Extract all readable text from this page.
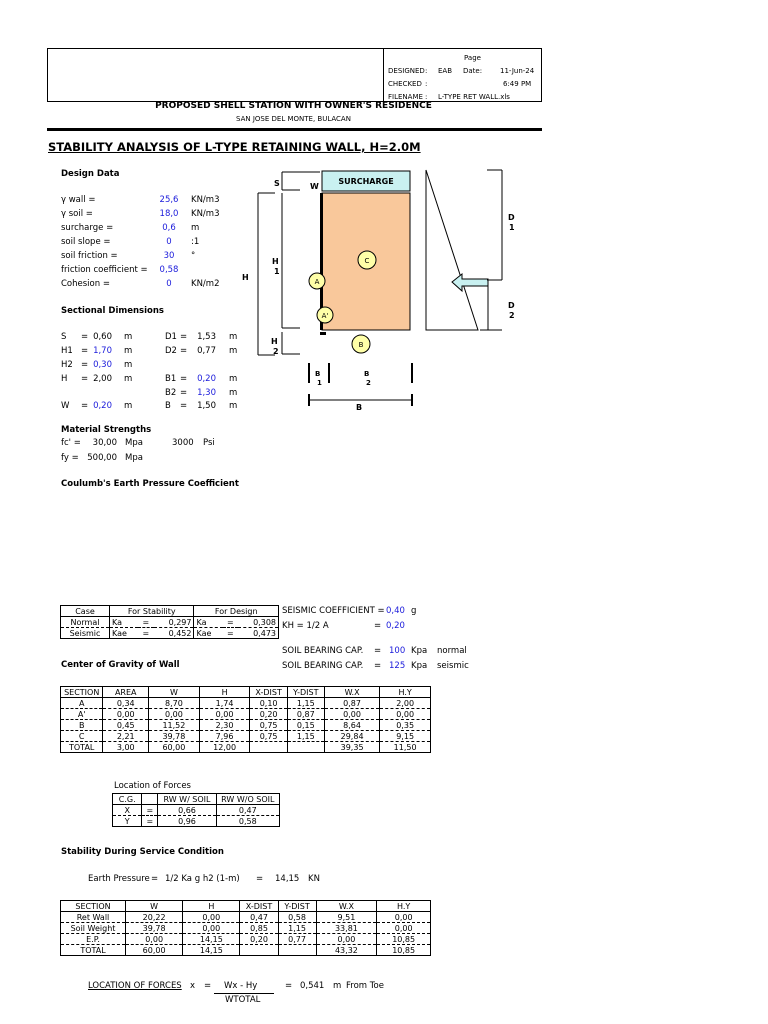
Page
DESIGNED : EAB Date:	11-Jun-24
CHECKED :	6:49 PM
FILENAME : L-TYPE RET WALL.xls
PROPOSED SHELL STATION WITH OWNER'S RESIDENCE
SAN JOSE DEL MONTE, BULACAN
STABILITY ANALYSIS OF L-TYPE RETAINING WALL, H=2.0M
Design Data
γ wall =	25,6	KN/m3
γ soil =	18,0	KN/m3
surcharge =	0,6	m
soil slope =	0	:1
soil friction =	30	°
friction coefficient =	0,58
Cohesion =	0	KN/m2
Sectional Dimensions
S = 0,60 m
H1 = 1,70 m
H2 = 0,30 m
H = 2,00 m
W = 0,20 m
D1 =	1,53 m
D2 =	0,77 m
B1 =	0,20 m
B2 =	1,30 m
B =	1,50 m
Material Strengths
fc' =	30,00 Mpa	3000 Psi
fy =	500,00 Mpa
Coulumb's Earth Pressure Coefficient
SURCHARGE
S	W
H
H 1
H 2
A
A'
C
B
B 1
B 2
B
D 1
D 2
Case	For Stability			For Design		
Normal	Ka	=	0,297	Ka	=	0,308
Seismic	Kae	=	0,452	Kae	=	0,473
SEISMIC COEFFICIENT = 0,40 g
KH = 1/2 A	= 0,20
SOIL BEARING CAP. = 100 Kpa normal
SOIL BEARING CAP. = 125 Kpa seismic
Center of Gravity of Wall
SECTION	AREA	W	H	X-DIST	Y-DIST	W.X	H.Y
A	0,34	8,70	1,74	0,10	1,15	0,87	2,00
A'	0,00	0,00	0,00	0,20	0,87	0,00	0,00
B	0,45	11,52	2,30	0,75	0,15	8,64	0,35
C	2,21	39,78	7,96	0,75	1,15	29,84	9,15
TOTAL	3,00	60,00	12,00			39,35	11,50
Location of Forces
C.G.		RW W/ SOIL	RW W/O SOIL
X	=	0,66	0,47
Y	=	0,96	0,58
Stability During Service Condition
Earth Pressure = 1/2 Ka g h2 (1-m) = 14,15 KN
SECTION	W	H	X-DIST	Y-DIST	W.X	H.Y
Ret Wall	20,22	0,00	0,47	0,58	9,51	0,00
Soil Weight	39,78	0,00	0,85	1,15	33,81	0,00
E.P.	0,00	14,15	0,20	0,77	0,00	10,85
TOTAL	60,00	14,15			43,32	10,85
LOCATION OF FORCES x = Wx - Hy
WTOTAL
= 0,541 m From Toe
